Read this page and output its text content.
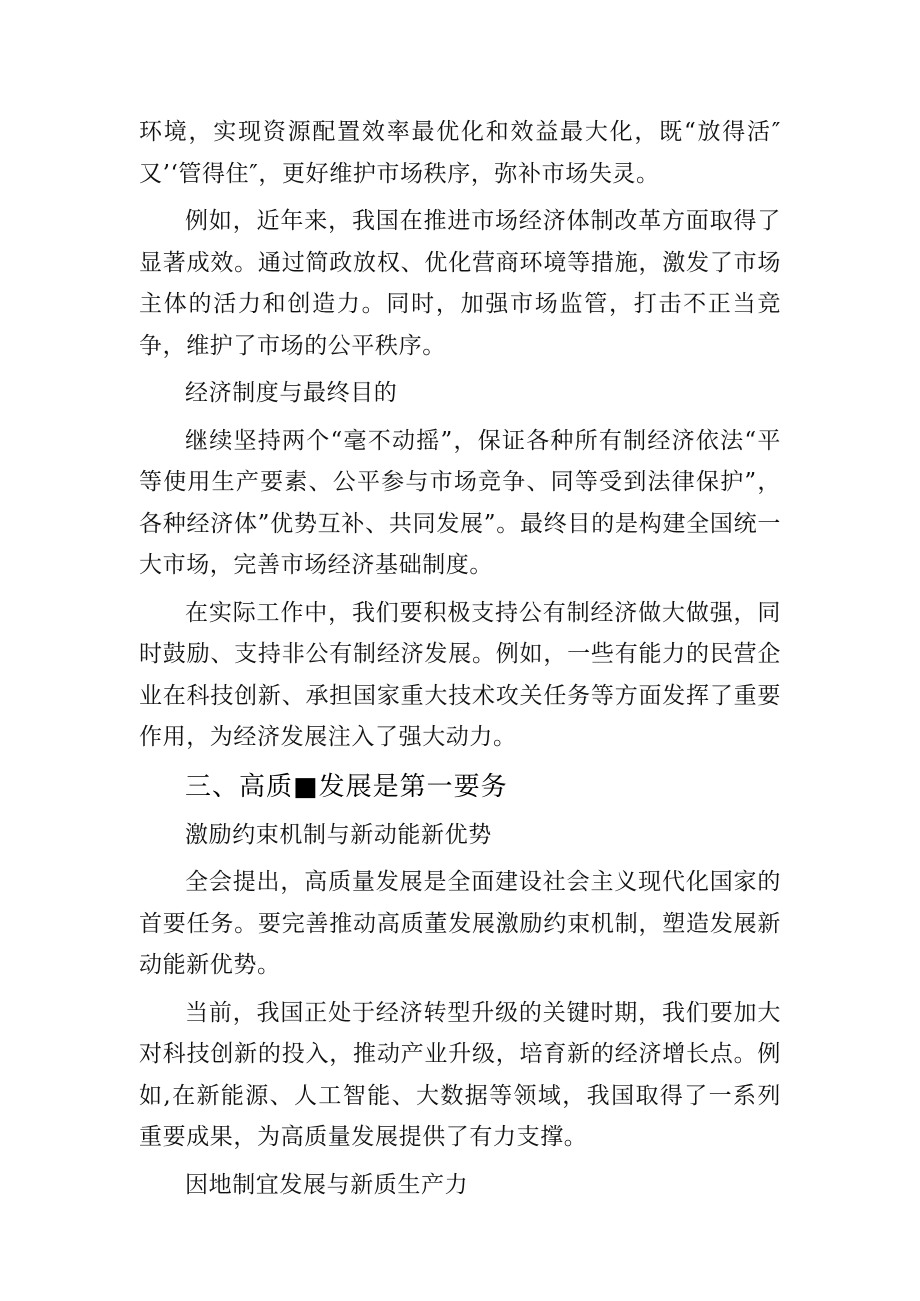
环境，实现资源配置效率最优化和效益最大化，既“放得活″又’‘管得住″，更好维护市场秩序，弥补市场失灵。

例如，近年来，我国在推进市场经济体制改革方面取得了显著成效。通过简政放权、优化营商环境等措施，激发了市场主体的活力和创造力。同时，加强市场监管，打击不正当竞争，维护了市场的公平秩序。

经济制度与最终目的

继续坚持两个“毫不动摇”，保证各种所有制经济依法“平等使用生产要素、公平参与市场竞争、同等受到法律保护”，各种经济体”优势互补、共同发展”。最终目的是构建全国统一大市场，完善市场经济基础制度。

在实际工作中，我们要积极支持公有制经济做大做强，同时鼓励、支持非公有制经济发展。例如，一些有能力的民营企业在科技创新、承担国家重大技术攻关任务等方面发挥了重要作用，为经济发展注入了强大动力。

三、高质■发展是第一要务

激励约束机制与新动能新优势

全会提出，高质量发展是全面建设社会主义现代化国家的首要任务。要完善推动高质董发展激励约束机制，塑造发展新动能新优势。

当前，我国正处于经济转型升级的关键时期，我们要加大对科技创新的投入，推动产业升级，培育新的经济增长点。例如,在新能源、人工智能、大数据等领域，我国取得了一系列重要成果，为高质量发展提供了有力支撑。

因地制宜发展与新质生产力
